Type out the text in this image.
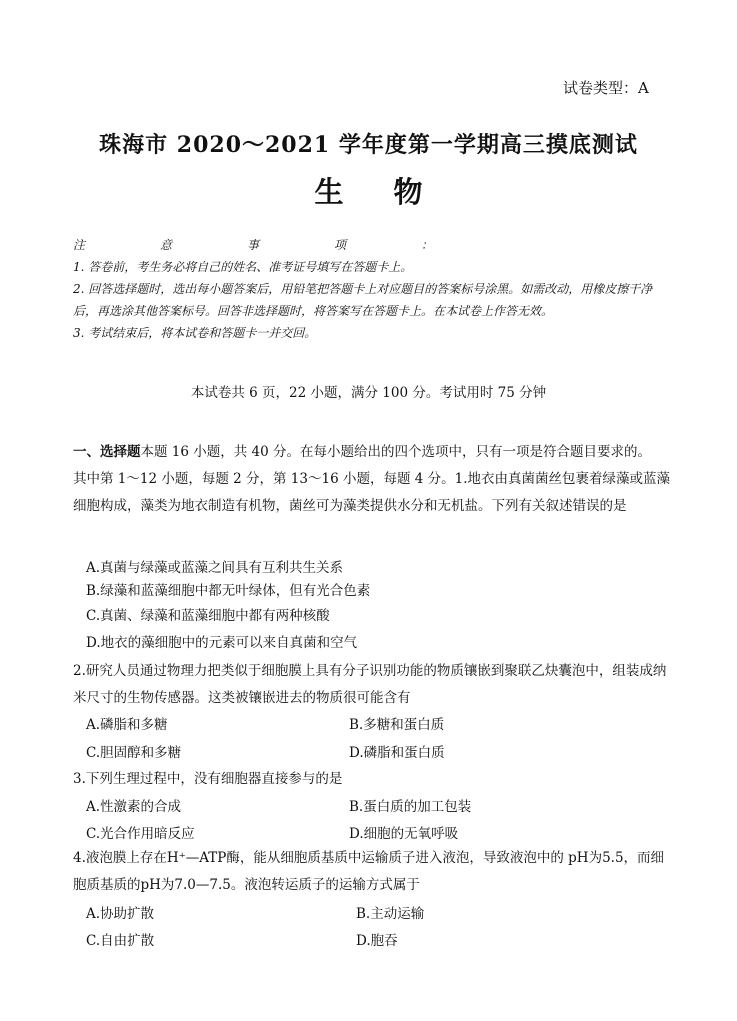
试卷类型：A
珠海市 2020～2021 学年度第一学期高三摸底测试
生物
注	意	事	项	：

1. 答卷前，考生务必将自己的姓名、准考证号填写在答题卡上。

2. 回答选择题时，选出每小题答案后，用铅笔把答题卡上对应题目的答案标号涂黑。如需改动，用橡皮擦干净后，再选涂其他答案标号。回答非选择题时，将答案写在答题卡上。在本试卷上作答无效。

3. 考试结束后，将本试卷和答题卡一并交回。

本试卷共 6 页，22 小题，满分 100 分。考试用时 75 分钟
一、选择题本题 16 小题，共 40 分。在每小题给出的四个选项中，只有一项是符合题目要求的。
其中第 1～12 小题，每题 2 分，第 13～16 小题，每题 4 分。1.地衣由真菌菌丝包裹着绿藻或蓝藻细胞构成，藻类为地衣制造有机物，菌丝可为藻类提供水分和无机盐。下列有关叙述错误的是
A.真菌与绿藻或蓝藻之间具有互利共生关系
B.绿藻和蓝藻细胞中都无叶绿体，但有光合色素
C.真菌、绿藻和蓝藻细胞中都有两种核酸
D.地衣的藻细胞中的元素可以来自真菌和空气
2.研究人员通过物理力把类似于细胞膜上具有分子识别功能的物质镶嵌到聚联乙炔囊泡中，组装成纳米尺寸的生物传感器。这类被镶嵌进去的物质很可能含有
A.磷脂和多糖	B.多糖和蛋白质
C.胆固醇和多糖	D.磷脂和蛋白质
3.下列生理过程中，没有细胞器直接参与的是
A.性激素的合成	B.蛋白质的加工包装
C.光合作用暗反应	D.细胞的无氧呼吸
4.液泡膜上存在H⁺—ATP酶，能从细胞质基质中运输质子进入液泡，导致液泡中的 pH为5.5，而细胞质基质的pH为7.0—7.5。液泡转运质子的运输方式属于
A.协助扩散	B.主动运输
C.自由扩散	D.胞吞
